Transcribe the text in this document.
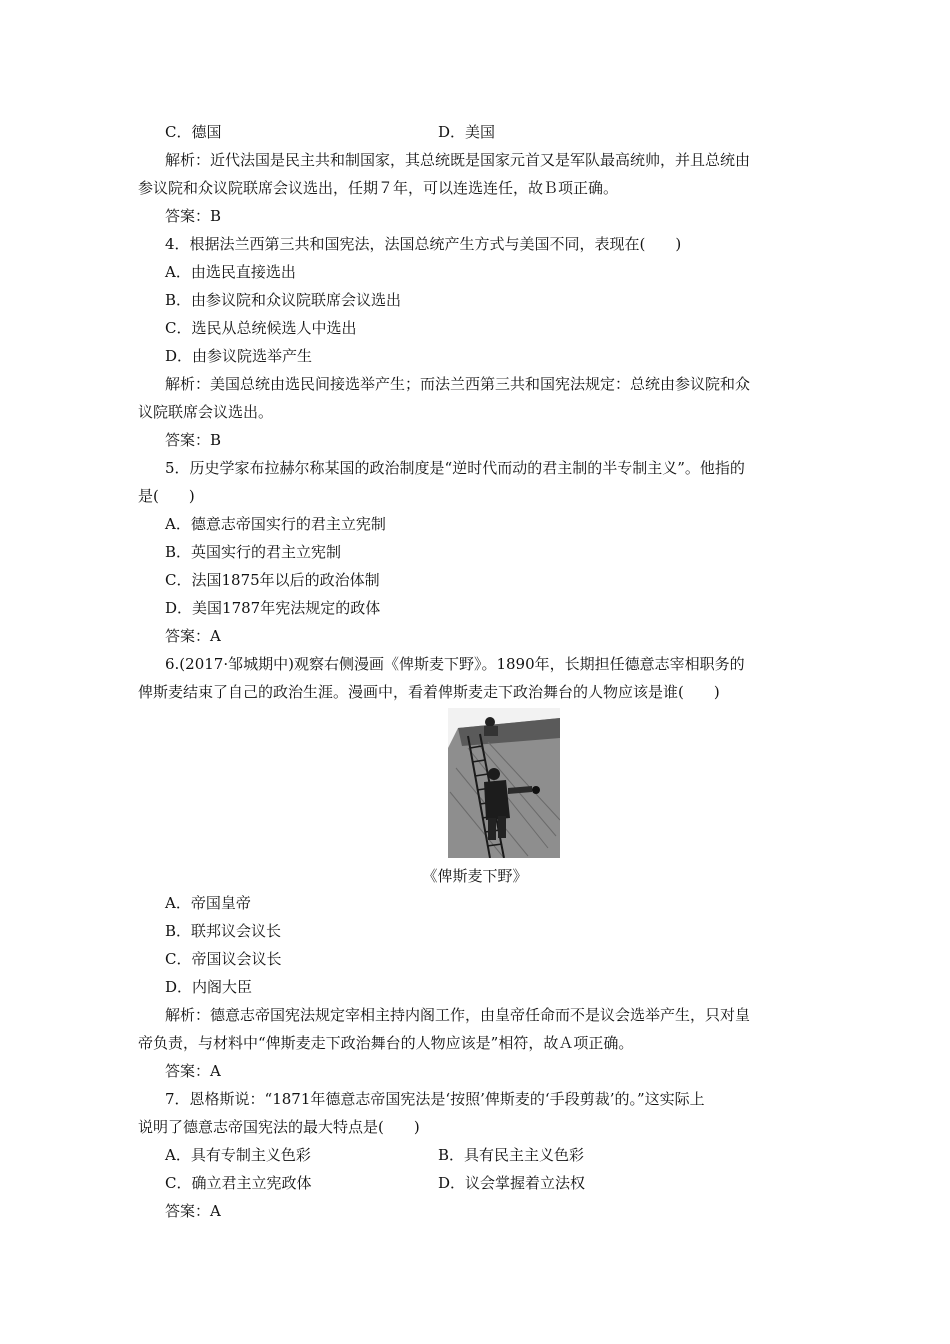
C．德国	D．美国
解析：近代法国是民主共和制国家，其总统既是国家元首又是军队最高统帅，并且总统由
参议院和众议院联席会议选出，任期７年，可以连选连任，故Ｂ项正确。
答案：B
4．根据法兰西第三共和国宪法，法国总统产生方式与美国不同，表现在(　　)
A．由选民直接选出
B．由参议院和众议院联席会议选出
C．选民从总统候选人中选出
D．由参议院选举产生
解析：美国总统由选民间接选举产生；而法兰西第三共和国宪法规定：总统由参议院和众
议院联席会议选出。
答案：B
5．历史学家布拉赫尔称某国的政治制度是“逆时代而动的君主制的半专制主义”。他指的
是(　　)
A．德意志帝国实行的君主立宪制
B．英国实行的君主立宪制
C．法国1875年以后的政治体制
D．美国1787年宪法规定的政体
答案：A
6.(2017·邹城期中)观察右侧漫画《俾斯麦下野》。1890年，长期担任德意志宰相职务的
俾斯麦结束了自己的政治生涯。漫画中，看着俾斯麦走下政治舞台的人物应该是谁(　　)
《俾斯麦下野》
A．帝国皇帝
B．联邦议会议长
C．帝国议会议长
D．内阁大臣
解析：德意志帝国宪法规定宰相主持内阁工作，由皇帝任命而不是议会选举产生，只对皇
帝负责，与材料中“俾斯麦走下政治舞台的人物应该是”相符，故Ａ项正确。
答案：A
7．恩格斯说：“1871年德意志帝国宪法是‘按照’俾斯麦的‘手段剪裁’的。”这实际上
说明了德意志帝国宪法的最大特点是(　　)
A．具有专制主义色彩	B．具有民主主义色彩
C．确立君主立宪政体	D．议会掌握着立法权
答案：A
